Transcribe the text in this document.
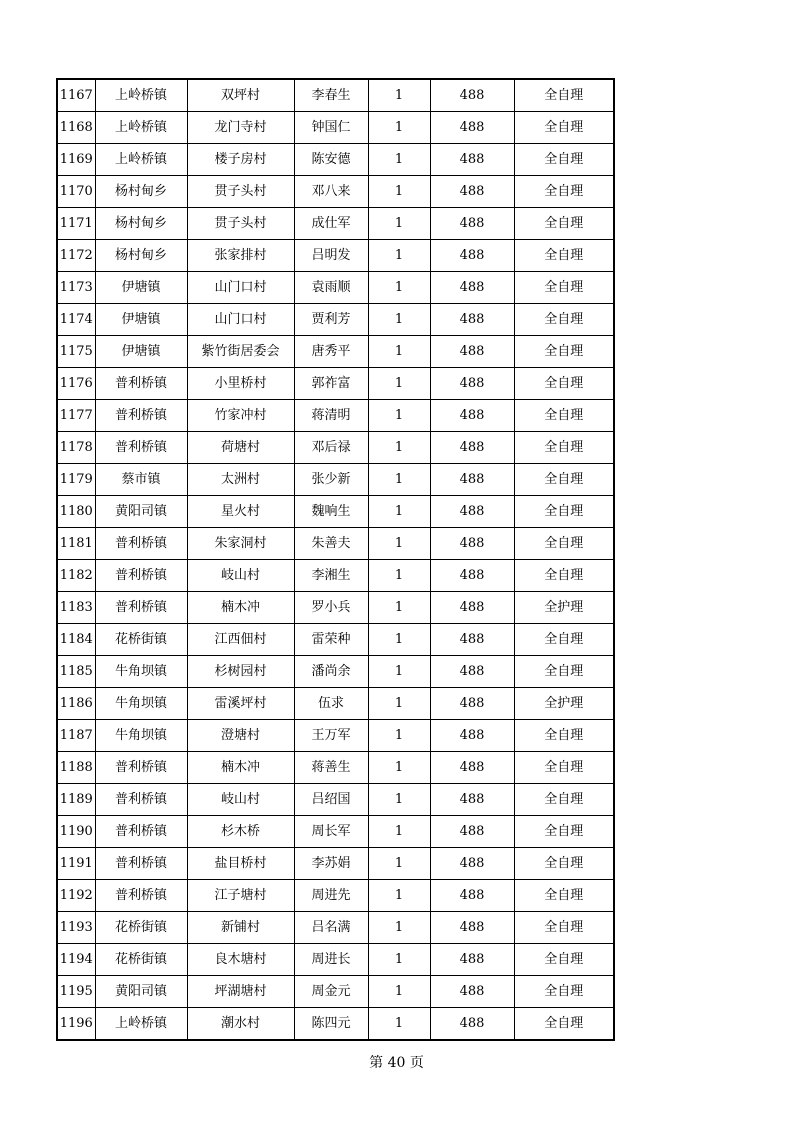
1167	上岭桥镇	双坪村	李春生	1	488	全自理
1168	上岭桥镇	龙门寺村	钟国仁	1	488	全自理
1169	上岭桥镇	楼子房村	陈安德	1	488	全自理
1170	杨村甸乡	贯子头村	邓八来	1	488	全自理
1171	杨村甸乡	贯子头村	成仕军	1	488	全自理
1172	杨村甸乡	张家排村	吕明发	1	488	全自理
1173	伊塘镇	山门口村	袁雨顺	1	488	全自理
1174	伊塘镇	山门口村	贾利芳	1	488	全自理
1175	伊塘镇	紫竹街居委会	唐秀平	1	488	全自理
1176	普利桥镇	小里桥村	郭祚富	1	488	全自理
1177	普利桥镇	竹家冲村	蒋清明	1	488	全自理
1178	普利桥镇	荷塘村	邓后禄	1	488	全自理
1179	蔡市镇	太洲村	张少新	1	488	全自理
1180	黄阳司镇	星火村	魏响生	1	488	全自理
1181	普利桥镇	朱家洞村	朱善夫	1	488	全自理
1182	普利桥镇	岐山村	李湘生	1	488	全自理
1183	普利桥镇	楠木冲	罗小兵	1	488	全护理
1184	花桥街镇	江西佃村	雷荣种	1	488	全自理
1185	牛角坝镇	杉树园村	潘尚余	1	488	全自理
1186	牛角坝镇	雷溪坪村	伍求	1	488	全护理
1187	牛角坝镇	澄塘村	王万军	1	488	全自理
1188	普利桥镇	楠木冲	蒋善生	1	488	全自理
1189	普利桥镇	岐山村	吕绍国	1	488	全自理
1190	普利桥镇	杉木桥	周长军	1	488	全自理
1191	普利桥镇	盐目桥村	李苏娟	1	488	全自理
1192	普利桥镇	江子塘村	周进先	1	488	全自理
1193	花桥街镇	新铺村	吕名满	1	488	全自理
1194	花桥街镇	良木塘村	周进长	1	488	全自理
1195	黄阳司镇	坪湖塘村	周金元	1	488	全自理
1196	上岭桥镇	潮水村	陈四元	1	488	全自理
第 40 页
